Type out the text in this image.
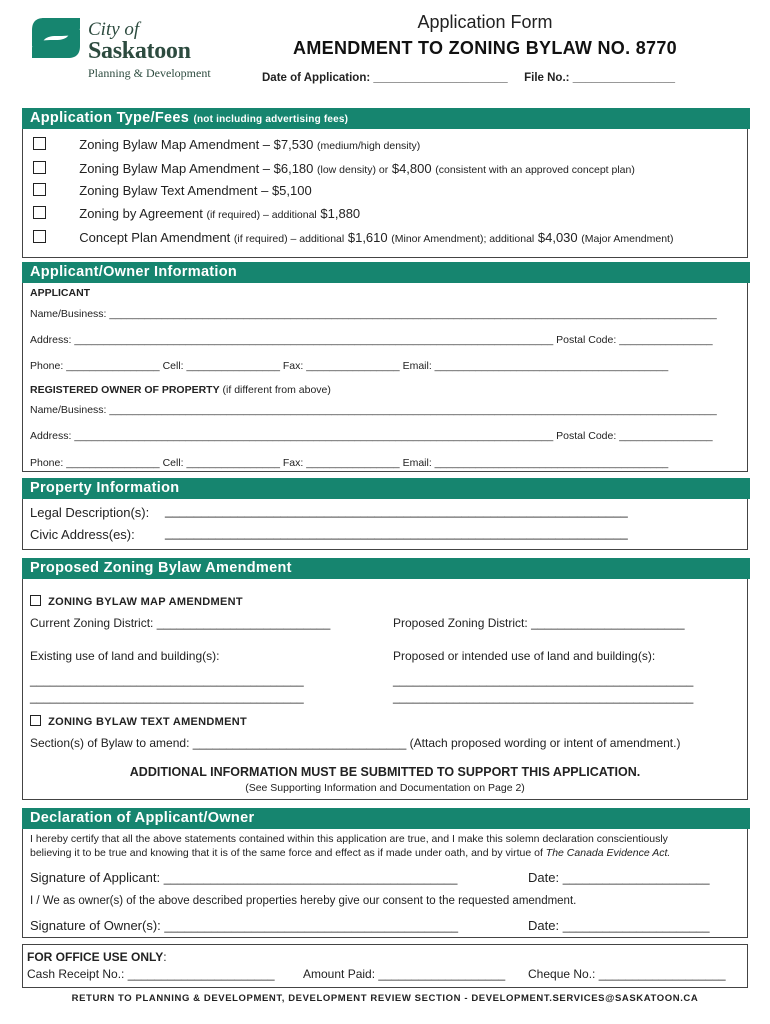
City of
Saskatoon
Planning & Development
Application Form
AMENDMENT TO ZONING BYLAW NO. 8770
Date of Application: _____________________ File No.: ________________
Application Type/Fees (not including advertising fees)
Zoning Bylaw Map Amendment – $7,530 (medium/high density)
Zoning Bylaw Map Amendment – $6,180 (low density) or $4,800 (consistent with an approved concept plan)
Zoning Bylaw Text Amendment – $5,100
Zoning by Agreement (if required) – additional $1,880
Concept Plan Amendment (if required) – additional $1,610 (Minor Amendment); additional $4,030 (Major Amendment)
Applicant/Owner Information
APPLICANT
Name/Business: ________________________________________________________________________________________________________
Address: __________________________________________________________________________________ Postal Code: ________________
Phone: ________________ Cell: ________________ Fax: ________________ Email: ________________________________________
REGISTERED OWNER OF PROPERTY (if different from above)
Name/Business: ________________________________________________________________________________________________________
Address: __________________________________________________________________________________ Postal Code: ________________
Phone: ________________ Cell: ________________ Fax: ________________ Email: ________________________________________
Property Information
Legal Description(s): ________________________________________________________________
Civic Address(es): ________________________________________________________________
Proposed Zoning Bylaw Amendment
ZONING BYLAW MAP AMENDMENT
Current Zoning District: __________________________	Proposed Zoning District: _______________________
Existing use of land and building(s):	Proposed or intended use of land and building(s):
_________________________________________
_________________________________________
_____________________________________________
_____________________________________________
ZONING BYLAW TEXT AMENDMENT
Section(s) of Bylaw to amend: ________________________________ (Attach proposed wording or intent of amendment.)
ADDITIONAL INFORMATION MUST BE SUBMITTED TO SUPPORT THIS APPLICATION.
(See Supporting Information and Documentation on Page 2)
Declaration of Applicant/Owner
I hereby certify that all the above statements contained within this application are true, and I make this solemn declaration conscientiously
believing it to be true and knowing that it is of the same force and effect as if made under oath, and by virtue of The Canada Evidence Act.
Signature of Applicant: ____________________________________________	Date: ______________________
I / We as owner(s) of the above described properties hereby give our consent to the requested amendment.
Signature of Owner(s): ____________________________________________	Date: ______________________
FOR OFFICE USE ONLY:
Cash Receipt No.: ______________________ Amount Paid: ___________________ Cheque No.: ___________________
RETURN TO PLANNING & DEVELOPMENT, DEVELOPMENT REVIEW SECTION - DEVELOPMENT.SERVICES@SASKATOON.CA
